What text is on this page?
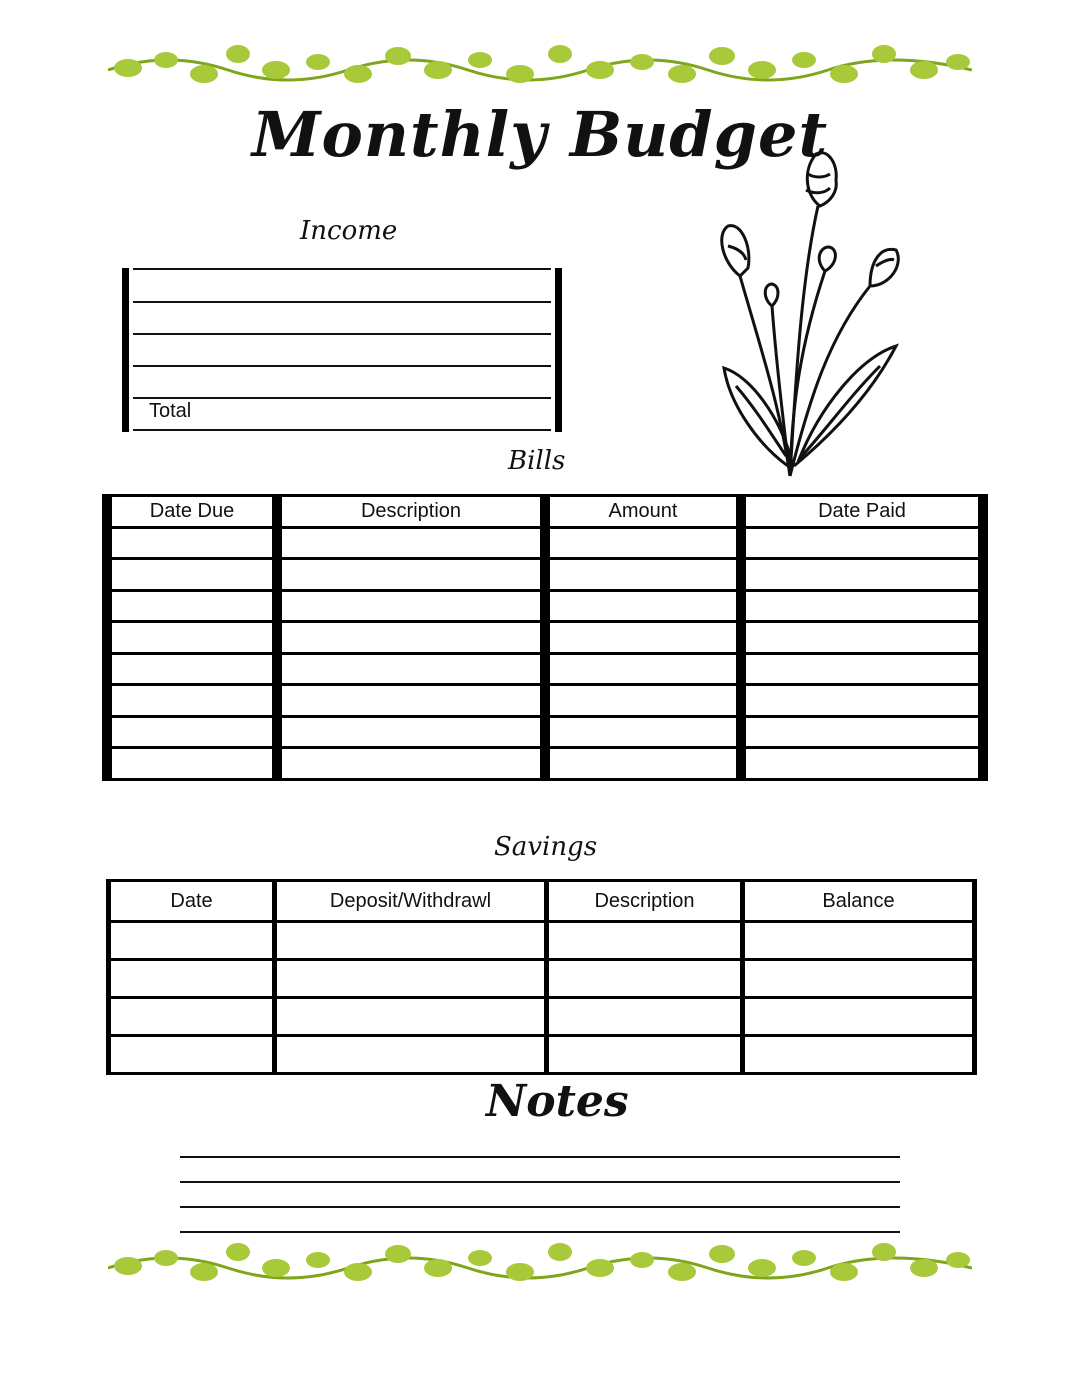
Monthly Budget
Income
Total
Bills
Date Due	Description	Amount	Date Paid

Savings
Date	Deposit/Withdrawl	Description	Balance

Notes
